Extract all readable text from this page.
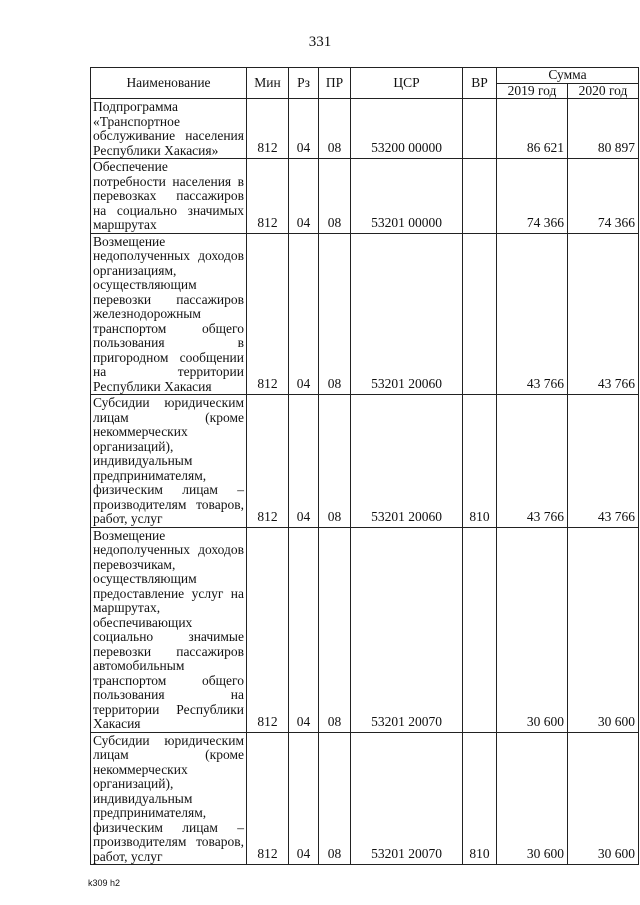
331
Наименование	Мин	Рз	ПР	ЦСР	ВР	Сумма	
						2019 год	2020 год
Подпрограмма «Транспортное обслуживание населения Республики Хакасия»	812	04	08	53200 00000		86 621	80 897
Обеспечение потребности населения в перевозках пассажиров на социально значимых маршрутах	812	04	08	53201 00000		74 366	74 366
Возмещение недополученных доходов организациям, осуществляющим перевозки пассажиров железнодорожным транспортом общего пользования в пригородном сообщении на территории Республики Хакасия	812	04	08	53201 20060		43 766	43 766
Субсидии юридическим лицам (кроме некоммерческих организаций), индивидуальным предпринимателям, физическим лицам – производителям товаров, работ, услуг	812	04	08	53201 20060	810	43 766	43 766
Возмещение недополученных доходов перевозчикам, осуществляющим предоставление услуг на маршрутах, обеспечивающих социально значимые перевозки пассажиров автомобильным транспортом общего пользования на территории Республики Хакасия	812	04	08	53201 20070		30 600	30 600
Субсидии юридическим лицам (кроме некоммерческих организаций), индивидуальным предпринимателям, физическим лицам – производителям товаров, работ, услуг	812	04	08	53201 20070	810	30 600	30 600
k309 h2
